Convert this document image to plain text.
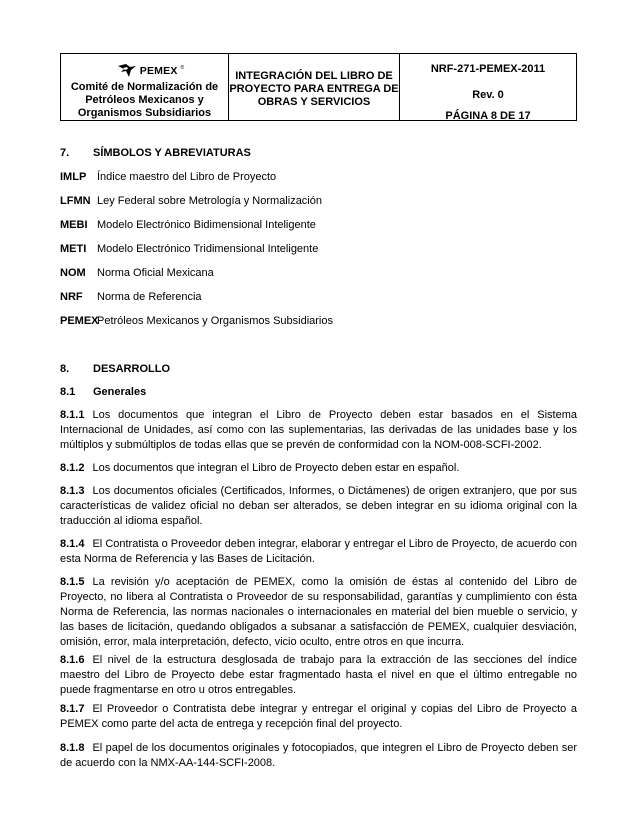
PEMEX ®
Comité de Normalización de
Petróleos Mexicanos y
Organismos Subsidiarios
INTEGRACIÓN DEL LIBRO DE
PROYECTO PARA ENTREGA DE
OBRAS Y SERVICIOS
NRF-271-PEMEX-2011
Rev. 0
PÁGINA 8 DE 17
7. SÍMBOLOS Y ABREVIATURAS
IMLP Índice maestro del Libro de Proyecto
LFMN Ley Federal sobre Metrología y Normalización
MEBI Modelo Electrónico Bidimensional Inteligente
METI Modelo Electrónico Tridimensional Inteligente
NOM	Norma Oficial Mexicana
NRF	Norma de Referencia
PEMEX
Petróleos Mexicanos y Organismos Subsidiarios
8. DESARROLLO
8.1 Generales
8.1.1 Los documentos que integran el Libro de Proyecto deben estar basados en el Sistema Internacional de Unidades, así como con las suplementarias, las derivadas de las unidades base y los múltiplos y submúltiplos de todas ellas que se prevén de conformidad con la NOM-008-SCFI-2002.
8.1.2 Los documentos que integran el Libro de Proyecto deben estar en español.
8.1.3 Los documentos oficiales (Certificados, Informes, o Dictámenes) de origen extranjero, que por sus características de validez oficial no deban ser alterados, se deben integrar en su idioma original con la traducción al idioma español.
8.1.4 El Contratista o Proveedor deben integrar, elaborar y entregar el Libro de Proyecto, de acuerdo con esta Norma de Referencia y las Bases de Licitación.
8.1.5 La revisión y/o aceptación de PEMEX, como la omisión de éstas al contenido del Libro de Proyecto, no libera al Contratista o Proveedor de su responsabilidad, garantías y cumplimiento con ésta Norma de Referencia, las normas nacionales o internacionales en material del bien mueble o servicio, y las bases de licitación, quedando obligados a subsanar a satisfacción de PEMEX, cualquier desviación, omisión, error, mala interpretación, defecto, vicio oculto, entre otros en que incurra.
8.1.6 El nivel de la estructura desglosada de trabajo para la extracción de las secciones del índice maestro del Libro de Proyecto debe estar fragmentado hasta el nivel en que el último entregable no puede fragmentarse en otro u otros entregables.
8.1.7 El Proveedor o Contratista debe integrar y entregar el original y copias del Libro de Proyecto a PEMEX como parte del acta de entrega y recepción final del proyecto.
8.1.8 El papel de los documentos originales y fotocopiados, que integren el Libro de Proyecto deben ser de acuerdo con la NMX-AA-144-SCFI-2008.
